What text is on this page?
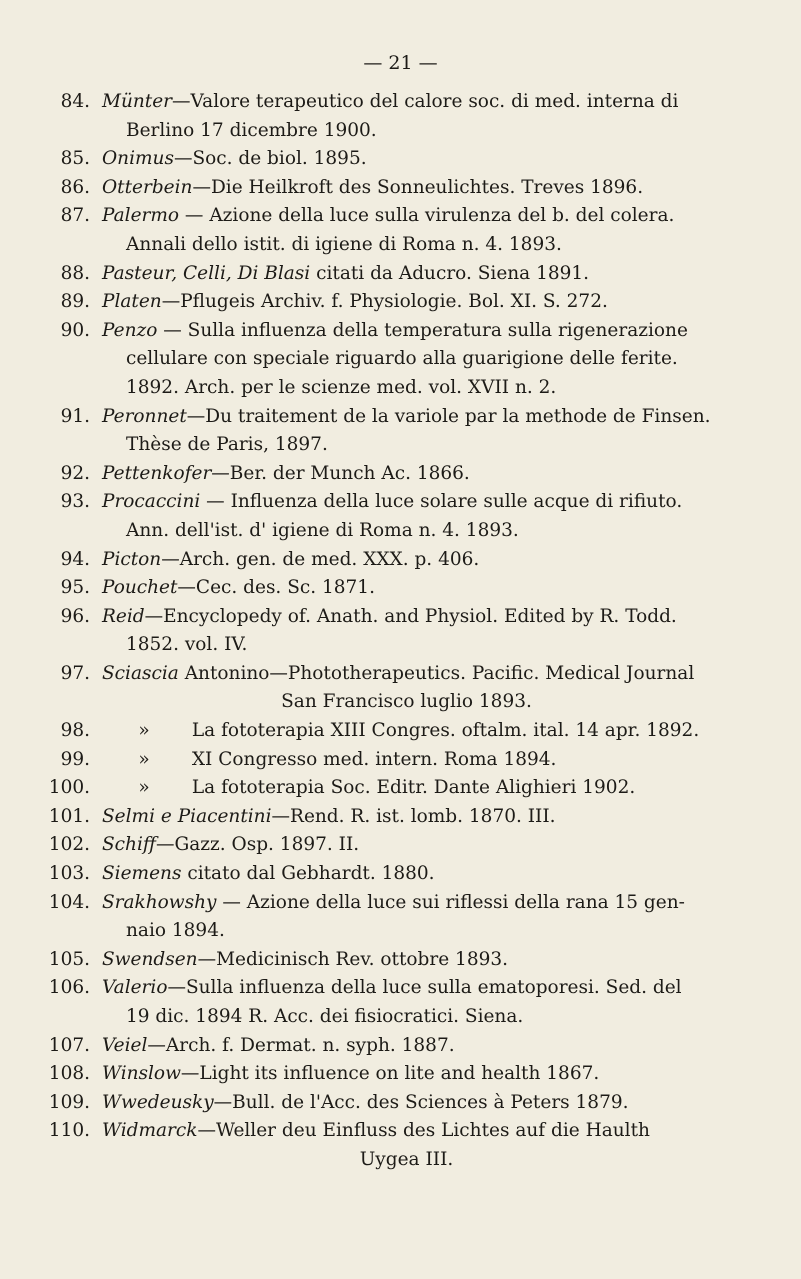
— 21 —
84. Münter—Valore terapeutico del calore soc. di med. interna di
Berlino 17 dicembre 1900.
85. Onimus—Soc. de biol. 1895.
86. Otterbein—Die Heilkroft des Sonneulichtes. Treves 1896.
87. Palermo — Azione della luce sulla virulenza del b. del colera.
Annali dello istit. di igiene di Roma n. 4. 1893.
88. Pasteur, Celli, Di Blasi citati da Aducro. Siena 1891.
89. Platen—Pflugeis Archiv. f. Physiologie. Bol. XI. S. 272.
90. Penzo — Sulla influenza della temperatura sulla rigenerazione
cellulare con speciale riguardo alla guarigione delle ferite.
1892. Arch. per le scienze med. vol. XVII n. 2.
91. Peronnet—Du traitement de la variole par la methode de Finsen.
Thèse de Paris, 1897.
92. Pettenkofer—Ber. der Munch Ac. 1866.
93. Procaccini — Influenza della luce solare sulle acque di rifiuto.
Ann. dell'ist. d' igiene di Roma n. 4. 1893.
94. Picton—Arch. gen. de med. XXX. p. 406.
95. Pouchet—Cec. des. Sc. 1871.
96. Reid—Encyclopedy of. Anath. and Physiol. Edited by R. Todd.
1852. vol. IV.
97. Sciascia Antonino—Phototherapeutics. Pacific. Medical Journal
San Francisco luglio 1893.
98.	» La fototerapia XIII Congres. oftalm. ital. 14 apr. 1892.
99.	» XI Congresso med. intern. Roma 1894.
100.	» La fototerapia Soc. Editr. Dante Alighieri 1902.
101. Selmi e Piacentini—Rend. R. ist. lomb. 1870. III.
102. Schiff—Gazz. Osp. 1897. II.
103. Siemens citato dal Gebhardt. 1880.
104. Srakhowshy — Azione della luce sui riflessi della rana 15 gen-
naio 1894.
105. Swendsen—Medicinisch Rev. ottobre 1893.
106. Valerio—Sulla influenza della luce sulla ematoporesi. Sed. del
19 dic. 1894 R. Acc. dei fisiocratici. Siena.
107. Veiel—Arch. f. Dermat. n. syph. 1887.
108. Winslow—Light its influence on lite and health 1867.
109. Wwedeusky—Bull. de l'Acc. des Sciences à Peters 1879.
110. Widmarck—Weller deu Einfluss des Lichtes auf die Haulth
Uygea III.
